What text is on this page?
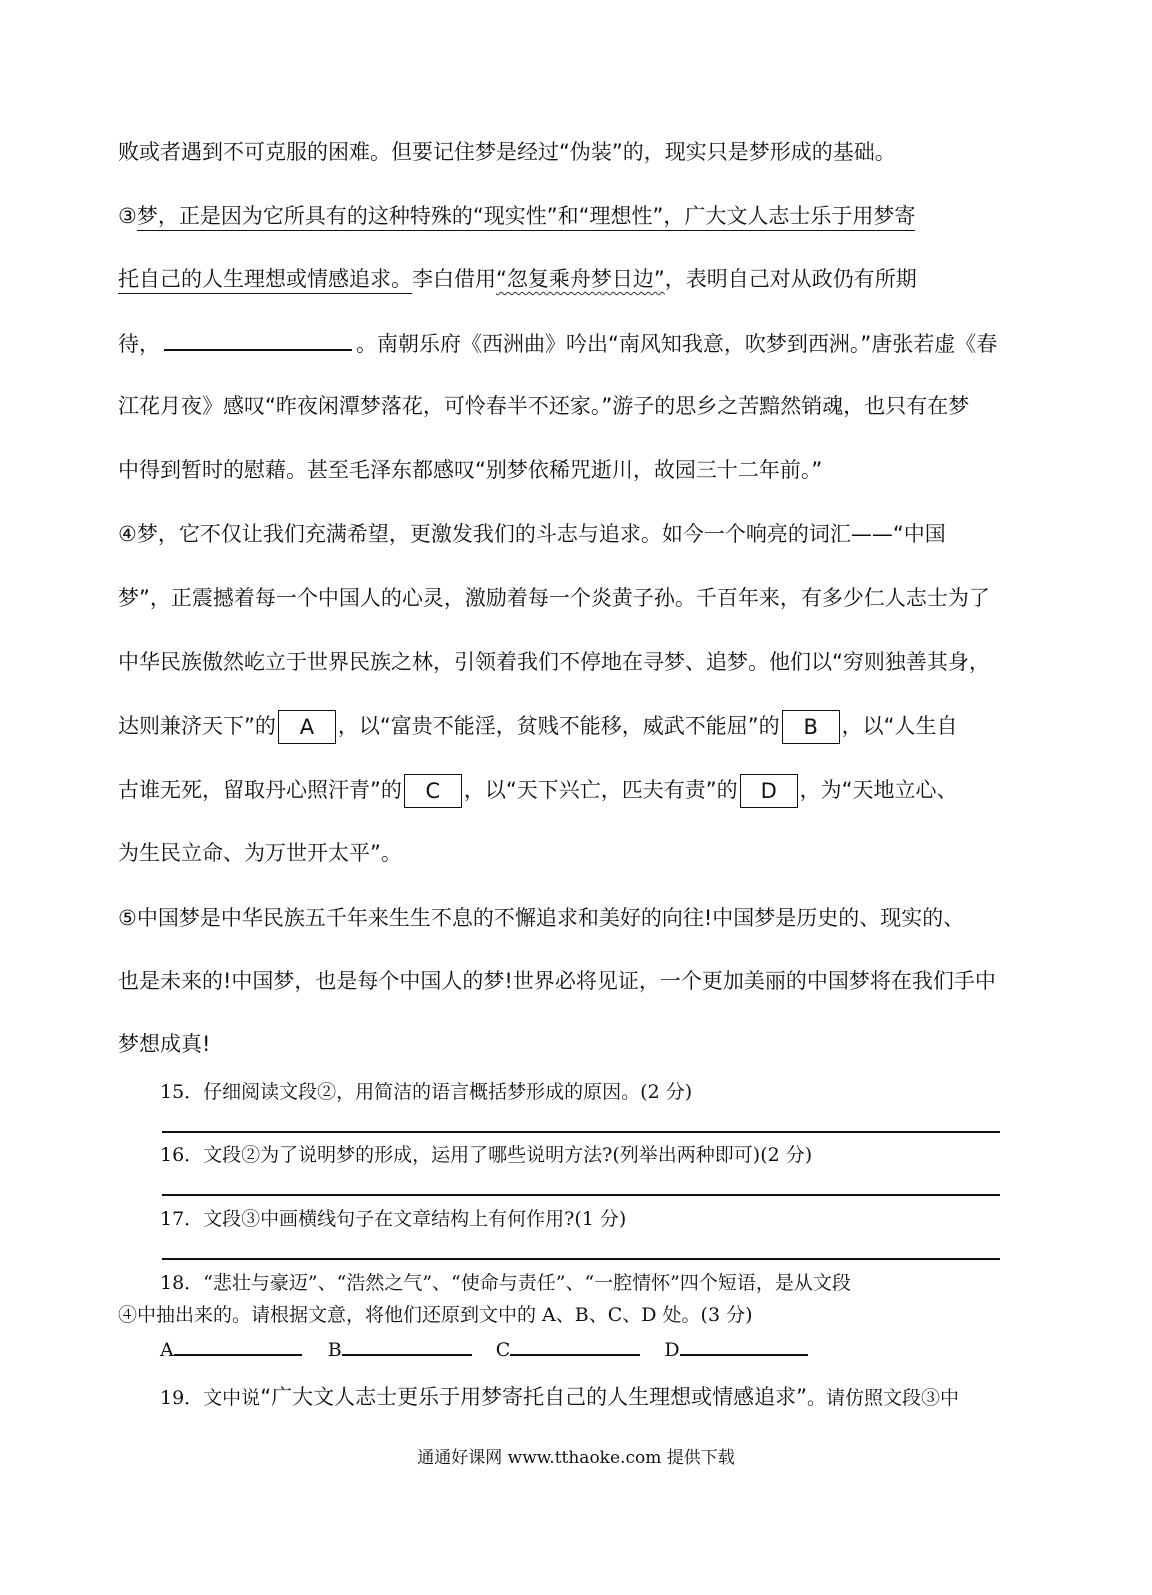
败或者遇到不可克服的困难。但要记住梦是经过“伪装”的，现实只是梦形成的基础。
③梦，正是因为它所具有的这种特殊的“现实性”和“理想性”，广大文人志士乐于用梦寄
托自己的人生理想或情感追求。李白借用“忽复乘舟梦日边”，表明自己对从政仍有所期
待，	。南朝乐府《西洲曲》吟出“南风知我意，吹梦到西洲。”唐张若虚《春
江花月夜》感叹“昨夜闲潭梦落花，可怜春半不还家。”游子的思乡之苦黯然销魂，也只有在梦
中得到暂时的慰藉。甚至毛泽东都感叹“别梦依稀咒逝川，故园三十二年前。”
④梦，它不仅让我们充满希望，更激发我们的斗志与追求。如今一个响亮的词汇——“中国
梦”，正震撼着每一个中国人的心灵，激励着每一个炎黄子孙。千百年来，有多少仁人志士为了
中华民族傲然屹立于世界民族之林，引领着我们不停地在寻梦、追梦。他们以“穷则独善其身，
达则兼济天下”的 A ，以“富贵不能淫，贫贱不能移，威武不能屈”的 B ，以“人生自
古谁无死，留取丹心照汗青”的 C ，以“天下兴亡，匹夫有责”的 D ，为“天地立心、
为生民立命、为万世开太平”。
⑤中国梦是中华民族五千年来生生不息的不懈追求和美好的向往!中国梦是历史的、现实的、
也是未来的!中国梦，也是每个中国人的梦!世界必将见证，一个更加美丽的中国梦将在我们手中
梦想成真!
15．仔细阅读文段②，用简洁的语言概括梦形成的原因。(2 分)
16．文段②为了说明梦的形成，运用了哪些说明方法?(列举出两种即可)(2 分)
17．文段③中画横线句子在文章结构上有何作用?(1 分)
18．“悲壮与豪迈”、“浩然之气”、“使命与责任”、“一腔情怀”四个短语，是从文段
④中抽出来的。请根据文意，将他们还原到文中的 A、B、C、D 处。(3 分)
A	B	C	D
19．文中说“广大文人志士更乐于用梦寄托自己的人生理想或情感追求”。请仿照文段③中
通通好课网 www.tthaoke.com 提供下载
